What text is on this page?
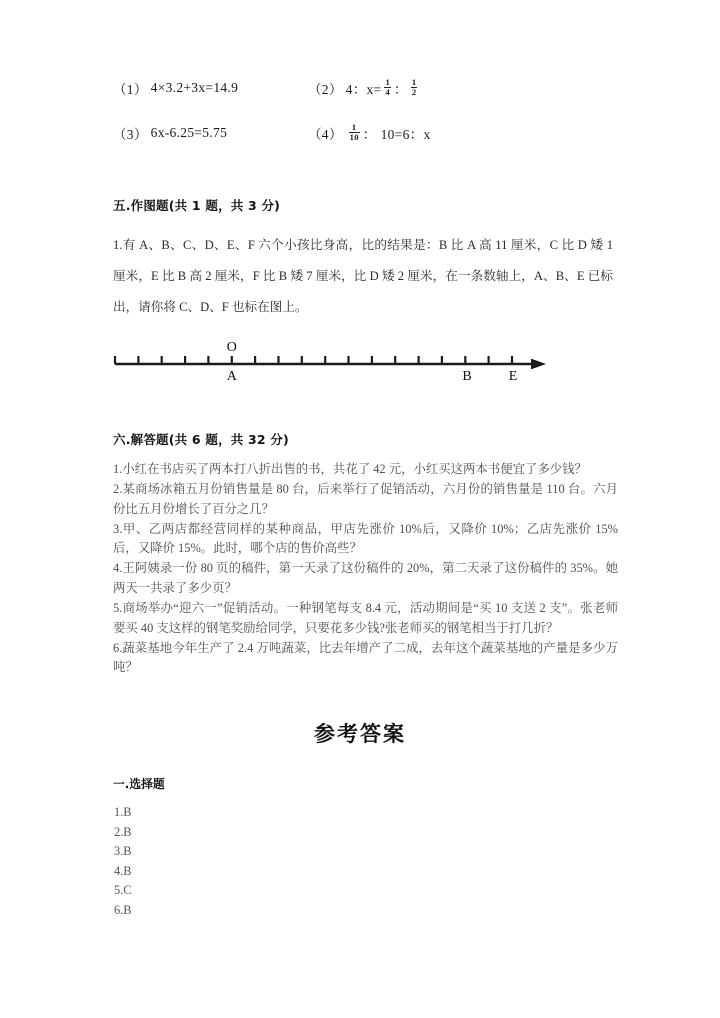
（1） 4×3.2+3x=14.9	（2） 4：$x= \frac{1}{4}$ ： $\frac{1}{2}$
（3） 6x-6.25=5.75	$(4) \frac{1}{10}$ ： 10=6：x
五.作图题(共 1 题，共 3 分)
1.有 A、B、C、D、E、F 六个小孩比身高，比的结果是：B 比 A 高 11 厘米，C 比 D 矮 1 厘米，E 比 B 高 2 厘米，F 比 B 矮 7 厘米，比 D 矮 2 厘米，在一条数轴上，A、B、E 已标出，请你将 C、D、F 也标在图上。
O
A	B	E
六.解答题(共 6 题，共 32 分)

1.小红在书店买了两本打八折出售的书，共花了 42 元，小红买这两本书便宜了多少钱？

2.某商场冰箱五月份销售量是 80 台，后来举行了促销活动，六月份的销售量是 110 台。六月份比五月份增长了百分之几？

3.甲、乙两店都经营同样的某种商品，甲店先涨价 10%后，又降价 10%；乙店先涨价 15%后，又降价 15%。此时，哪个店的售价高些？

4.王阿姨录一份 80 页的稿件，第一天录了这份稿件的 20%，第二天录了这份稿件的 35%。她两天一共录了多少页？

5.商场举办“迎六一”促销活动。一种钢笔每支 8.4 元，活动期间是“买 10 支送 2 支”。张老师要买 40 支这样的钢笔奖励给同学，只要花多少钱?张老师买的钢笔相当于打几折？

6.蔬菜基地今年生产了 2.4 万吨蔬菜，比去年增产了二成，去年这个蔬菜基地的产量是多少万吨？

参考答案
一.选择题
1.B
2.B
3.B
4.B
5.C
6.B
